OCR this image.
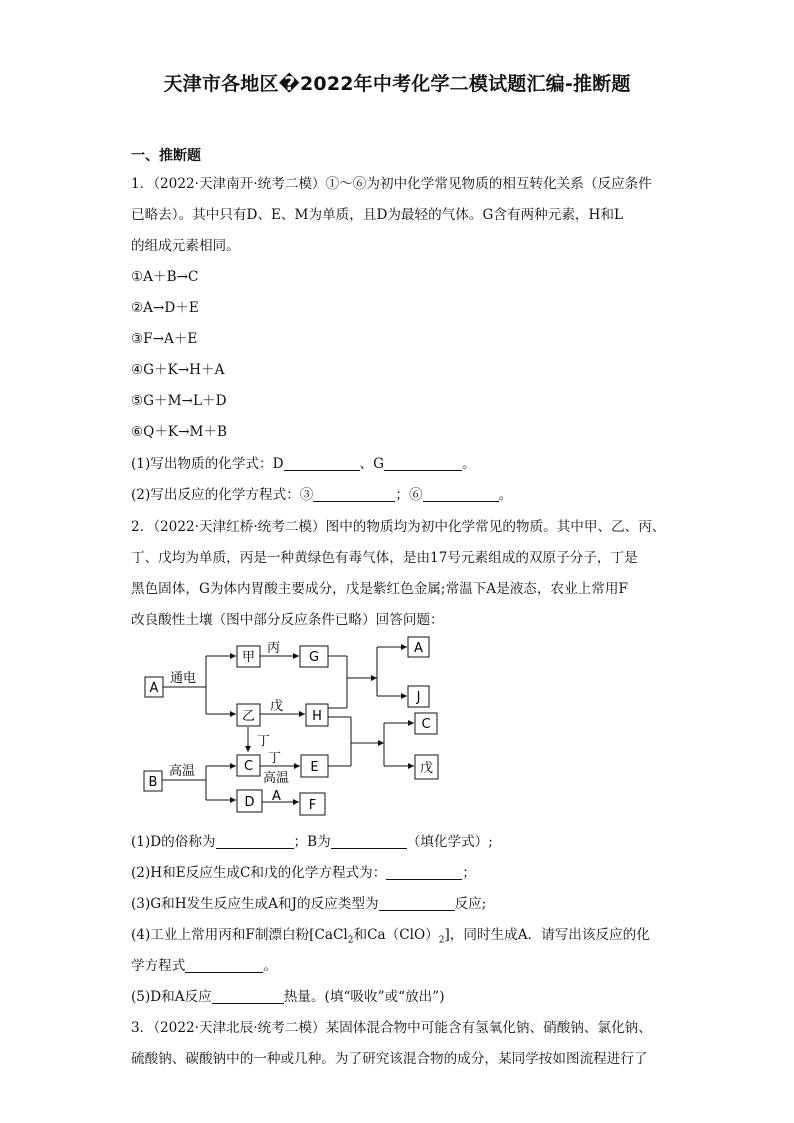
天津市各地区�2022年中考化学二模试题汇编-推断题
一、推断题
1．（2022·天津南开·统考二模）①～⑥为初中化学常见物质的相互转化关系（反应条件
已略去）。其中只有D、E、M为单质，且D为最轻的气体。G含有两种元素，H和L
的组成元素相同。
①A＋B→C
②A→D＋E
③F→A＋E
④G＋K→H＋A
⑤G＋M→L＋D
⑥Q＋K→M＋B
(1)写出物质的化学式：D	、G	。
(2)写出反应的化学方程式：③	；⑥	。
2．（2022·天津红桥·统考二模）图中的物质均为初中化学常见的物质。其中甲、乙、丙、
丁、戊均为单质，丙是一种黄绿色有毒气体，是由17号元素组成的双原子分子，丁是
黑色固体，G为体内胃酸主要成分，戊是紫红色金属;常温下A是液态，农业上常用F
改良酸性土壤（图中部分反应条件已略）回答问题：
A
甲	G
A
J
乙	H
C
戊
B
C	E
D	F
通电
丙
戊
丁
丁
高温	高温
A
(1)D的俗称为	；B为	（填化学式）;
(2)H和E反应生成C和戊的化学方程式为：	；
(3)G和H发生反应生成A和J的反应类型为	反应;
(4)工业上常用丙和F制漂白粉[CaCl$_2$和$Ca(ClO)_2$]，同时生成A．请写出该反应的化
学方程式	。
(5)D和A反应	热量。(填“吸收”或“放出”)
3．（2022·天津北辰·统考二模）某固体混合物中可能含有氢氧化钠、硝酸钠、氯化钠、
硫酸钠、碳酸钠中的一种或几种。为了研究该混合物的成分，某同学按如图流程进行了
